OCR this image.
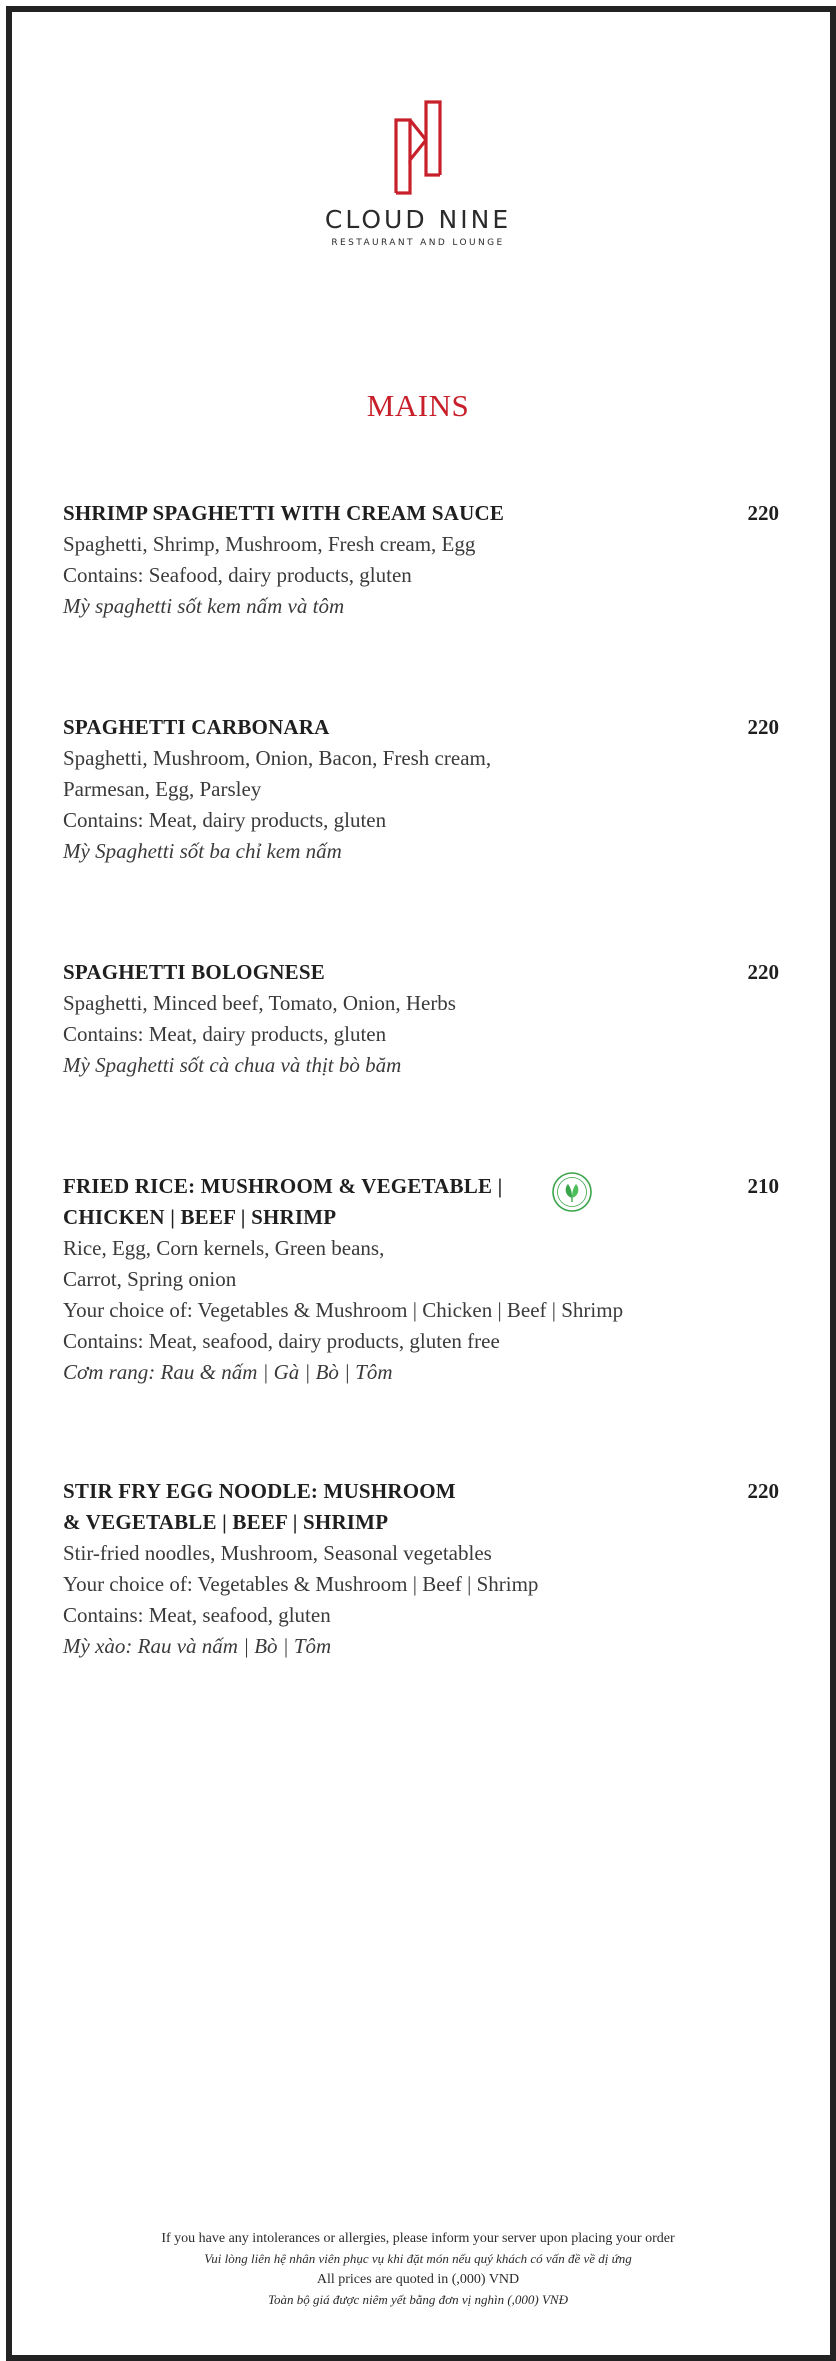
CLOUD NINE
RESTAURANT AND LOUNGE
MAINS
SHRIMP SPAGHETTI WITH CREAM SAUCE	220
Spaghetti, Shrimp, Mushroom, Fresh cream, Egg
Contains: Seafood, dairy products, gluten
Mỳ spaghetti sốt kem nấm và tôm
SPAGHETTI CARBONARA	220
Spaghetti, Mushroom, Onion, Bacon, Fresh cream,
Parmesan, Egg, Parsley
Contains: Meat, dairy products, gluten
Mỳ Spaghetti sốt ba chỉ kem nấm
SPAGHETTI BOLOGNESE	220
Spaghetti, Minced beef, Tomato, Onion, Herbs
Contains: Meat, dairy products, gluten
Mỳ Spaghetti sốt cà chua và thịt bò băm
FRIED RICE: MUSHROOM & VEGETABLE |
CHICKEN | BEEF | SHRIMP
210
Rice, Egg, Corn kernels, Green beans,
Carrot, Spring onion
Your choice of: Vegetables & Mushroom | Chicken | Beef | Shrimp
Contains: Meat, seafood, dairy products, gluten free
Cơm rang: Rau & nấm | Gà | Bò | Tôm
STIR FRY EGG NOODLE: MUSHROOM
& VEGETABLE | BEEF | SHRIMP
220
Stir-fried noodles, Mushroom, Seasonal vegetables
Your choice of: Vegetables & Mushroom | Beef | Shrimp
Contains: Meat, seafood, gluten
Mỳ xào: Rau và nấm | Bò | Tôm
If you have any intolerances or allergies, please inform your server upon placing your order
Vui lòng liên hệ nhân viên phục vụ khi đặt món nếu quý khách có vấn đề về dị ứng
All prices are quoted in (,000) VND
Toàn bộ giá được niêm yết bằng đơn vị nghìn (,000) VNĐ
